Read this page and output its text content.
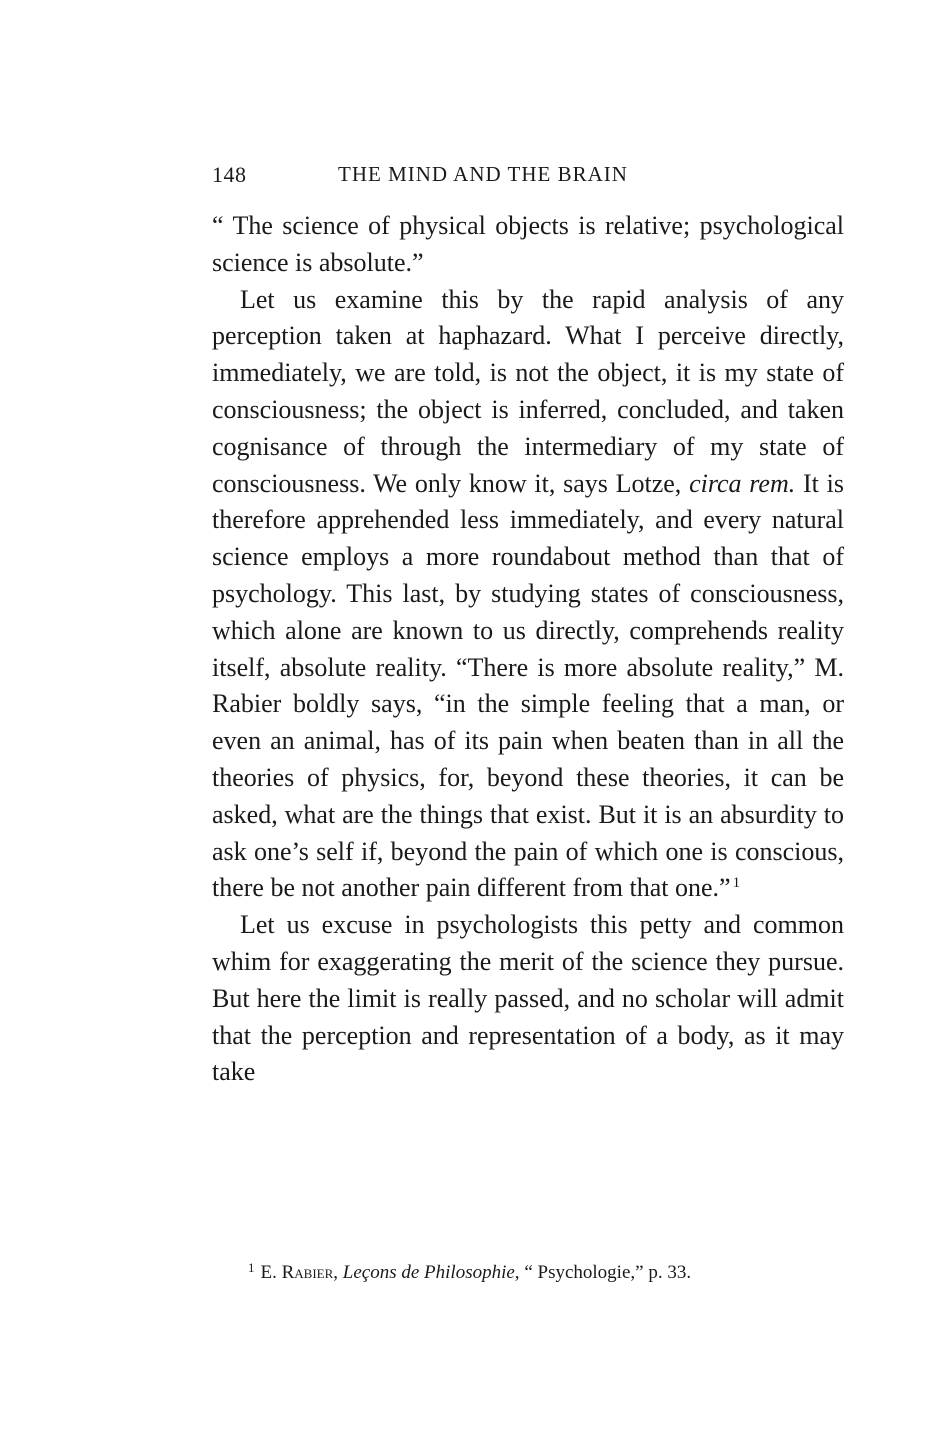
148	THE MIND AND THE BRAIN

“ The science of physical objects is relative; psychological science is absolute.”

Let us examine this by the rapid analysis of any perception taken at haphazard. What I perceive directly, immediately, we are told, is not the object, it is my state of consciousness; the object is inferred, concluded, and taken cognisance of through the intermediary of my state of consciousness. We only know it, says Lotze, circa rem. It is therefore apprehended less immediately, and every natural science employs a more roundabout method than that of psychology. This last, by studying states of consciousness, which alone are known to us directly, comprehends reality itself, absolute reality. “There is more absolute reality,” M. Rabier boldly says, “in the simple feeling that a man, or even an animal, has of its pain when beaten than in all the theories of physics, for, beyond these theories, it can be asked, what are the things that exist. But it is an absurdity to ask one’s self if, beyond the pain of which one is conscious, there be not another pain different from that one.” $^1$

Let us excuse in psychologists this petty and common whim for exaggerating the merit of the science they pursue. But here the limit is really passed, and no scholar will admit that the perception and representation of a body, as it may take

$^1$ E. Rabier, Leçons de Philosophie, “ Psychologie,” p. 33.
